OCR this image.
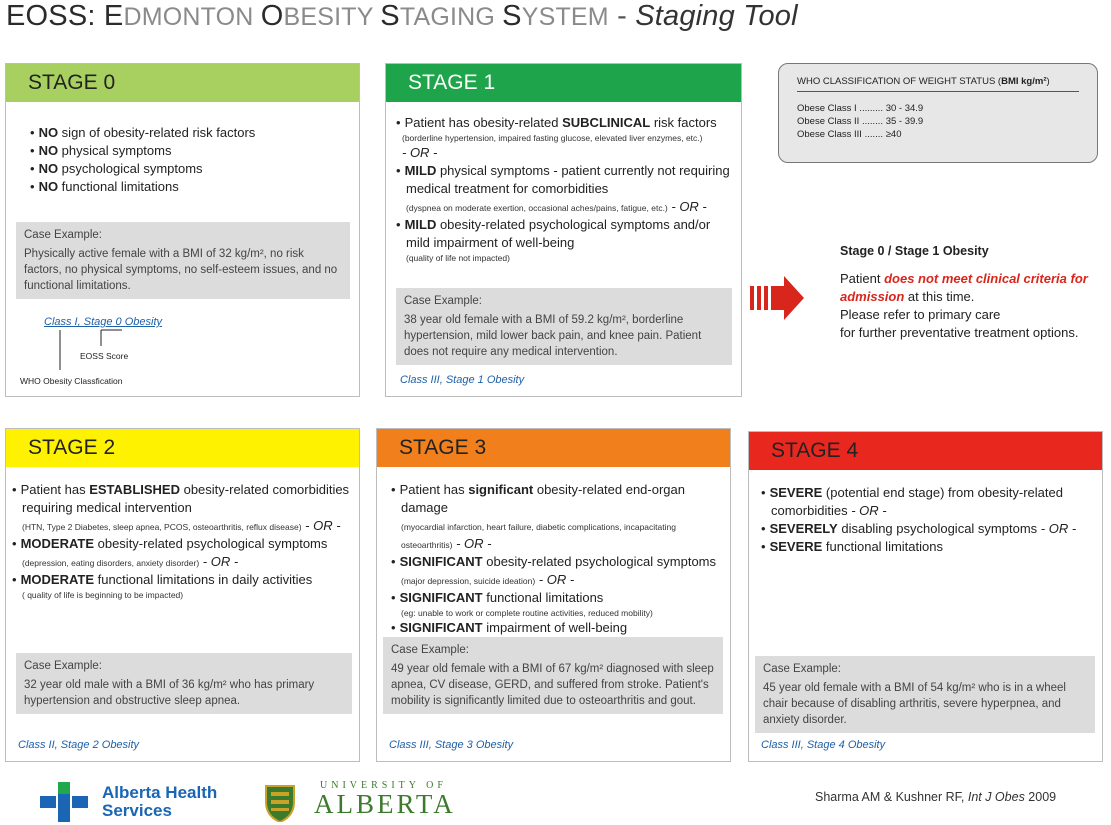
EOSS: EDMONTON OBESITY STAGING SYSTEM - Staging Tool
STAGE 0
• NO sign of obesity-related risk factors
• NO physical symptoms
• NO psychological symptoms
• NO functional limitations
Case Example:
Physically active female with a BMI of 32 kg/m², no risk factors, no physical symptoms, no self-esteem issues, and no functional limitations.
Class I, Stage 0 Obesity
EOSS Score
WHO Obesity Classfication
STAGE 1
• Patient has obesity-related SUBCLINICAL risk factors
(borderline hypertension, impaired fasting glucose, elevated liver enzymes, etc.)
- OR -
• MILD physical symptoms - patient currently not requiring medical treatment for comorbidities
(dyspnea on moderate exertion, occasional aches/pains, fatigue, etc.) - OR -
• MILD obesity-related psychological symptoms and/or mild impairment of well-being
(quality of life not impacted)
Case Example:
38 year old female with a BMI of 59.2 kg/m², borderline hypertension, mild lower back pain, and knee pain. Patient does not require any medical intervention.
Class III, Stage 1 Obesity
WHO CLASSIFICATION OF WEIGHT STATUS (BMI kg/m²)
Obese Class I ......... 30 - 34.9
Obese Class II ........ 35 - 39.9
Obese Class III ....... ≥40
Stage 0 / Stage 1 Obesity
Patient does not meet clinical criteria for admission at this time.
Please refer to primary care
for further preventative treatment options.
STAGE 2
• Patient has ESTABLISHED obesity-related comorbidities requiring medical intervention
(HTN, Type 2 Diabetes, sleep apnea, PCOS, osteoarthritis, reflux disease) - OR -
• MODERATE obesity-related psychological symptoms
(depression, eating disorders, anxiety disorder) - OR -
• MODERATE functional limitations in daily activities
( quality of life is beginning to be impacted)
Case Example:
32 year old male with a BMI of 36 kg/m² who has primary hypertension and obstructive sleep apnea.
Class II, Stage 2 Obesity
STAGE 3
• Patient has significant obesity-related end-organ damage
(myocardial infarction, heart failure, diabetic complications, incapacitating osteoarthritis) - OR -
• SIGNIFICANT obesity-related psychological symptoms
(major depression, suicide ideation) - OR -
• SIGNIFICANT functional limitations
(eg: unable to work or complete routine activities, reduced mobility)
• SIGNIFICANT impairment of well-being
Case Example:
49 year old female with a BMI of 67 kg/m² diagnosed with sleep apnea, CV disease, GERD, and suffered from stroke. Patient's mobility is significantly limited due to osteoarthritis and gout.
Class III, Stage 3 Obesity
STAGE 4
• SEVERE (potential end stage) from obesity-related comorbidities - OR -
• SEVERELY disabling psychological symptoms - OR -
• SEVERE functional limitations
Case Example:
45 year old female with a BMI of 54 kg/m² who is in a wheel chair because of disabling arthritis, severe hyperpnea, and anxiety disorder.
Class III, Stage 4 Obesity
Alberta Health
Services
UNIVERSITY OF
ALBERTA	Sharma AM & Kushner RF, Int J Obes 2009
